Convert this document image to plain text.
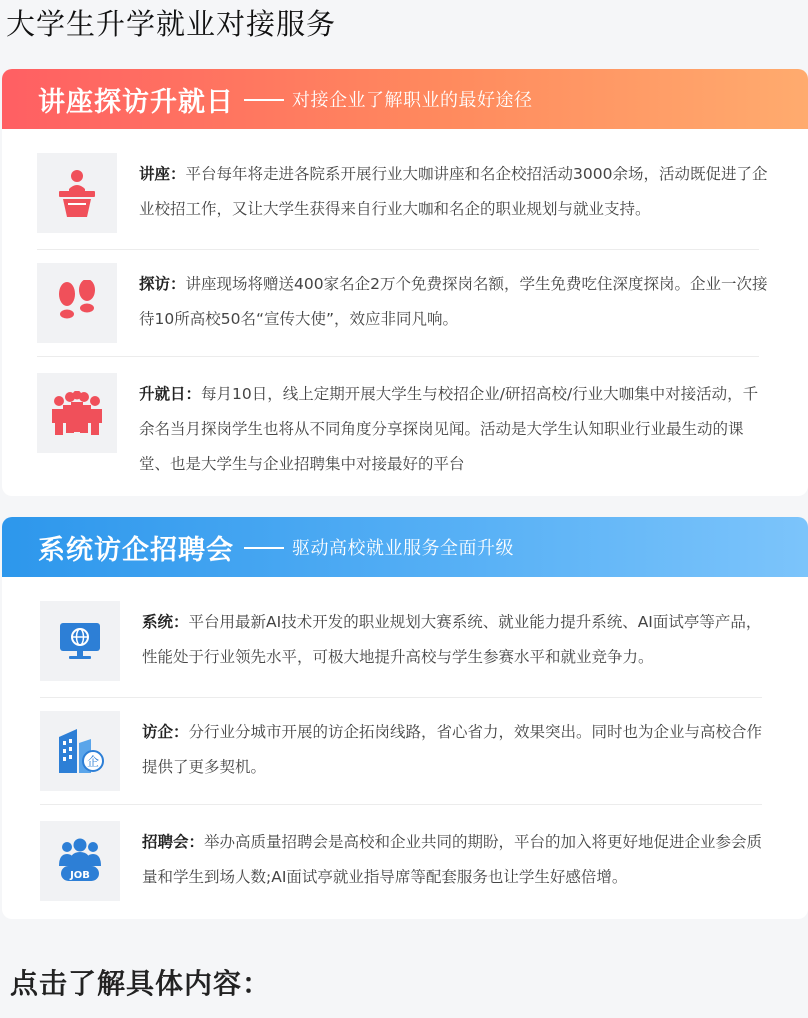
大学生升学就业对接服务
讲座探访升就日	对接企业了解职业的最好途径
讲座：平台每年将走进各院系开展行业大咖讲座和名企校招活动3000余场，活动既促进了企业校招工作，又让大学生获得来自行业大咖和名企的职业规划与就业支持。
探访：讲座现场将赠送400家名企2万个免费探岗名额，学生免费吃住深度探岗。企业一次接待10所高校50名“宣传大使”，效应非同凡响。
升就日：每月10日，线上定期开展大学生与校招企业/研招高校/行业大咖集中对接活动，千余名当月探岗学生也将从不同角度分享探岗见闻。活动是大学生认知职业行业最生动的课堂、也是大学生与企业招聘集中对接最好的平台
系统访企招聘会	驱动高校就业服务全面升级
系统：平台用最新AI技术开发的职业规划大赛系统、就业能力提升系统、AI面试亭等产品，性能处于行业领先水平，可极大地提升高校与学生参赛水平和就业竞争力。
企
访企：分行业分城市开展的访企拓岗线路，省心省力，效果突出。同时也为企业与高校合作提供了更多契机。
JOB
招聘会：举办高质量招聘会是高校和企业共同的期盼，平台的加入将更好地促进企业参会质量和学生到场人数;AI面试亭就业指导席等配套服务也让学生好感倍增。
点击了解具体内容：
